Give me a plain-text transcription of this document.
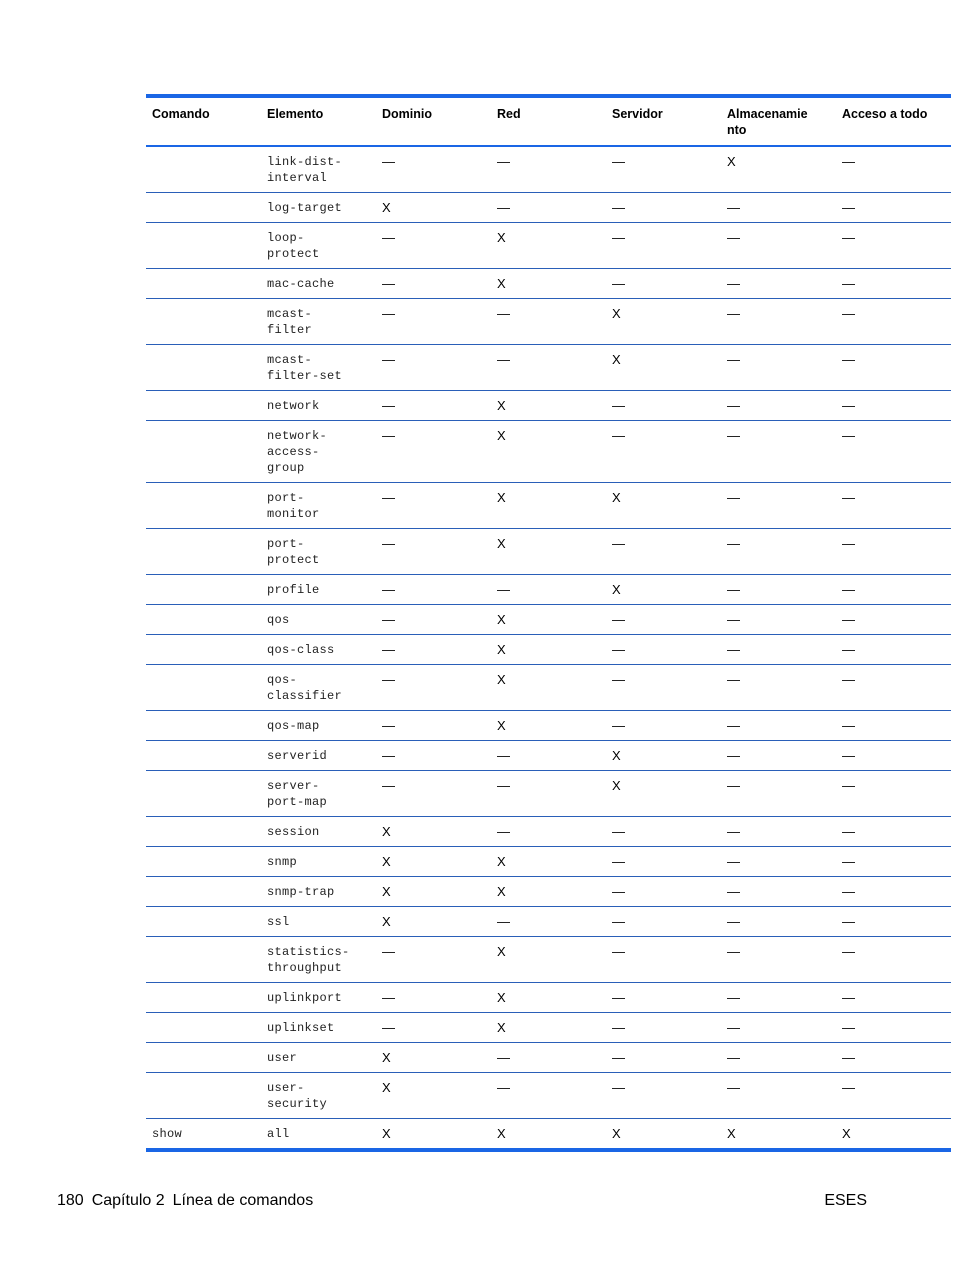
Comando	Elemento	Dominio	Red	Servidor	Almacenamie
nto	Acceso a todo
	link-dist-
interval	—	—	—	X	—
	log-target	X	—	—	—	—
	loop-
protect	—	X	—	—	—
	mac-cache	—	X	—	—	—
	mcast-
filter	—	—	X	—	—
	mcast-
filter-set	—	—	X	—	—
	network	—	X	—	—	—
	network-
access-
group	—	X	—	—	—
	port-
monitor	—	X	X	—	—
	port-
protect	—	X	—	—	—
	profile	—	—	X	—	—
	qos	—	X	—	—	—
	qos-class	—	X	—	—	—
	qos-
classifier	—	X	—	—	—
	qos-map	—	X	—	—	—
	serverid	—	—	X	—	—
	server-
port-map	—	—	X	—	—
	session	X	—	—	—	—
	snmp	X	X	—	—	—
	snmp-trap	X	X	—	—	—
	ssl	X	—	—	—	—
	statistics-
throughput	—	X	—	—	—
	uplinkport	—	X	—	—	—
	uplinkset	—	X	—	—	—
	user	X	—	—	—	—
	user-
security	X	—	—	—	—
show	all	X	X	X	X	X
180 Capítulo 2 Línea de comandos	ESES
